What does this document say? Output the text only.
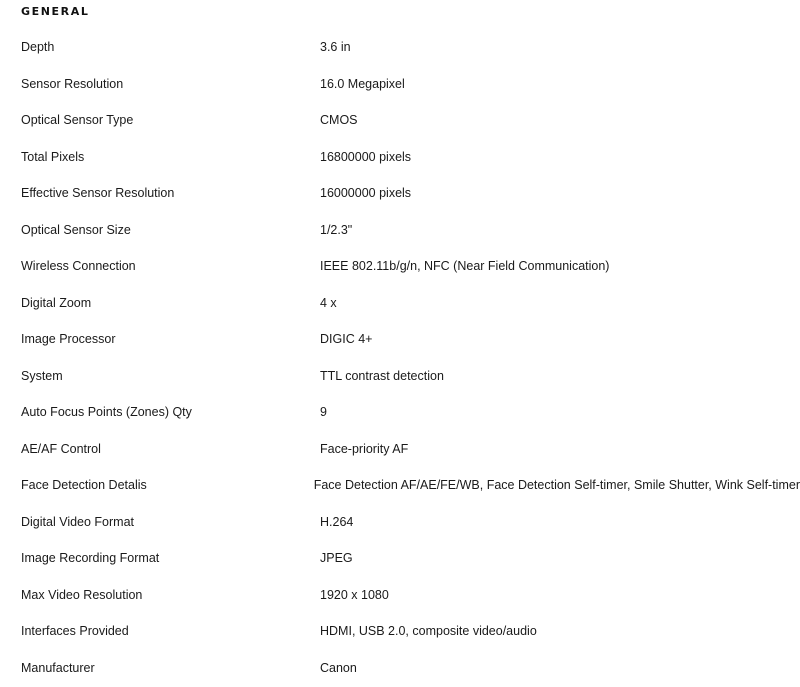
GENERAL
Depth	3.6 in
Sensor Resolution	16.0 Megapixel
Optical Sensor Type	CMOS
Total Pixels	16800000 pixels
Effective Sensor Resolution	16000000 pixels
Optical Sensor Size	1/2.3"
Wireless Connection	IEEE 802.11b/g/n, NFC (Near Field Communication)
Digital Zoom	4 x
Image Processor	DIGIC 4+
System	TTL contrast detection
Auto Focus Points (Zones) Qty	9
AE/AF Control	Face-priority AF
Face Detection Detalis	Face Detection AF/AE/FE/WB, Face Detection Self-timer, Smile Shutter, Wink Self-timer
Digital Video Format	H.264
Image Recording Format	JPEG
Max Video Resolution	1920 x 1080
Interfaces Provided	HDMI, USB 2.0, composite video/audio
Manufacturer	Canon
